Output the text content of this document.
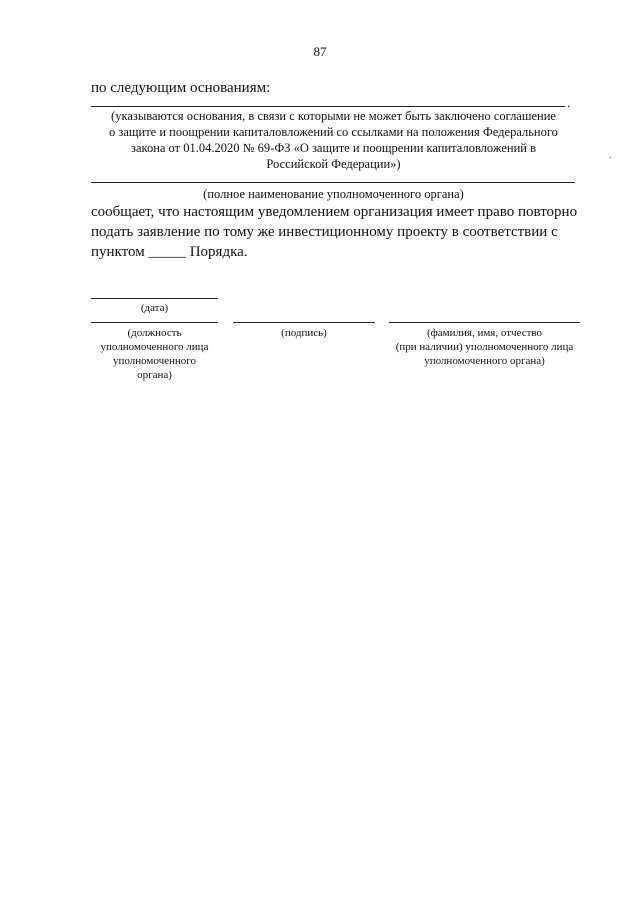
87
по следующим основаниям:
.
(указываются основания, в связи с которыми не может быть заключено соглашение
о защите и поощрении капиталовложений со ссылками на положения Федерального
закона от 01.04.2020 № 69-ФЗ «О защите и поощрении капиталовложений в
Российской Федерации»)
(полное наименование уполномоченного органа)
сообщает, что настоящим уведомлением организация имеет право повторно
подать заявление по тому же инвестиционному проекту в соответствии с
пунктом _____ Порядка.
(дата)
(должность
уполномоченного лица
уполномоченного
органа)
(подпись)	(фамилия, имя, отчество
(при наличии) уполномоченного лица
уполномоченного органа)
.
